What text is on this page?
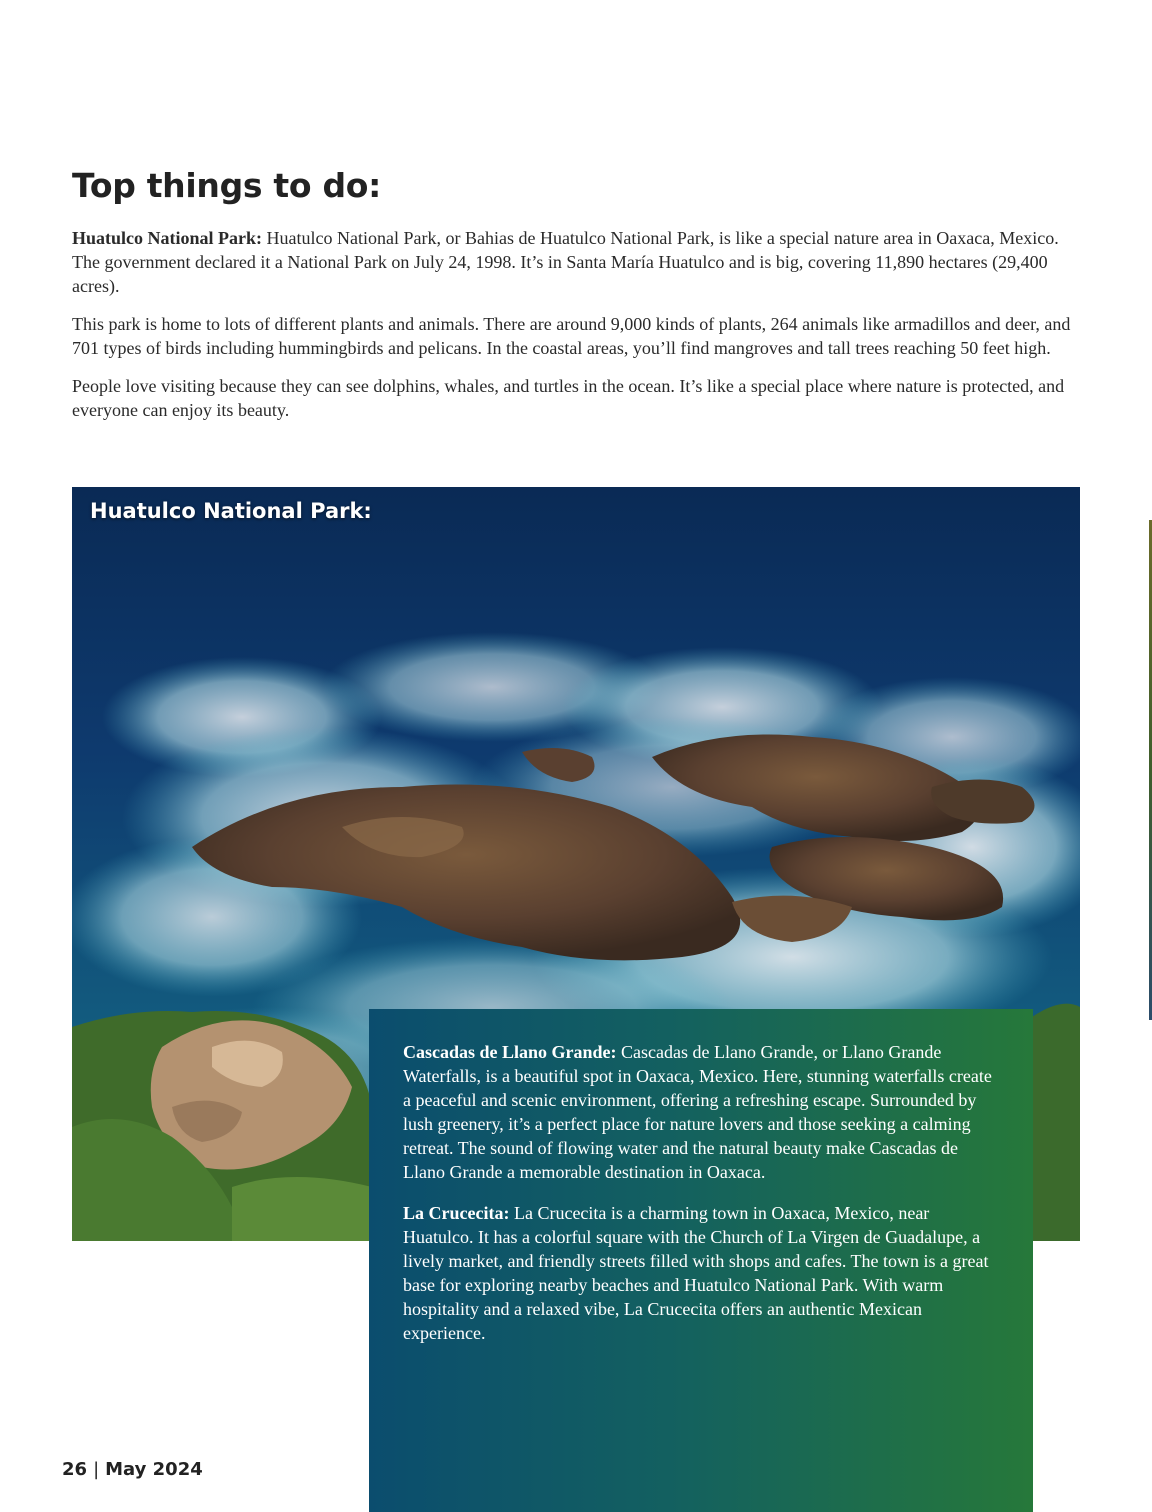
Top things to do:

Huatulco National Park: Huatulco National Park, or Bahias de Huatulco National Park, is like a special nature area in Oaxaca, Mexico. The government declared it a National Park on July 24, 1998. It’s in Santa María Huatulco and is big, covering 11,890 hectares (29,400 acres).

This park is home to lots of different plants and animals. There are around 9,000 kinds of plants, 264 animals like armadillos and deer, and 701 types of birds including hummingbirds and pelicans. In the coastal areas, you’ll find mangroves and tall trees reaching 50 feet high.

People love visiting because they can see dolphins, whales, and turtles in the ocean. It’s like a special place where nature is protected, and everyone can enjoy its beauty.

Huatulco National Park:

Cascadas de Llano Grande: Cascadas de Llano Grande, or Llano Grande Waterfalls, is a beautiful spot in Oaxaca, Mexico. Here, stunning waterfalls create a peaceful and scenic environment, offering a refreshing escape. Surrounded by lush greenery, it’s a perfect place for nature lovers and those seeking a calming retreat. The sound of flowing water and the natural beauty make Cascadas de Llano Grande a memorable destination in Oaxaca.

La Crucecita: La Crucecita is a charming town in Oaxaca, Mexico, near Huatulco. It has a colorful square with the Church of La Virgen de Guadalupe, a lively market, and friendly streets filled with shops and cafes. The town is a great base for exploring nearby beaches and Huatulco National Park. With warm hospitality and a relaxed vibe, La Crucecita offers an authentic Mexican experience.

26 | May 2024
